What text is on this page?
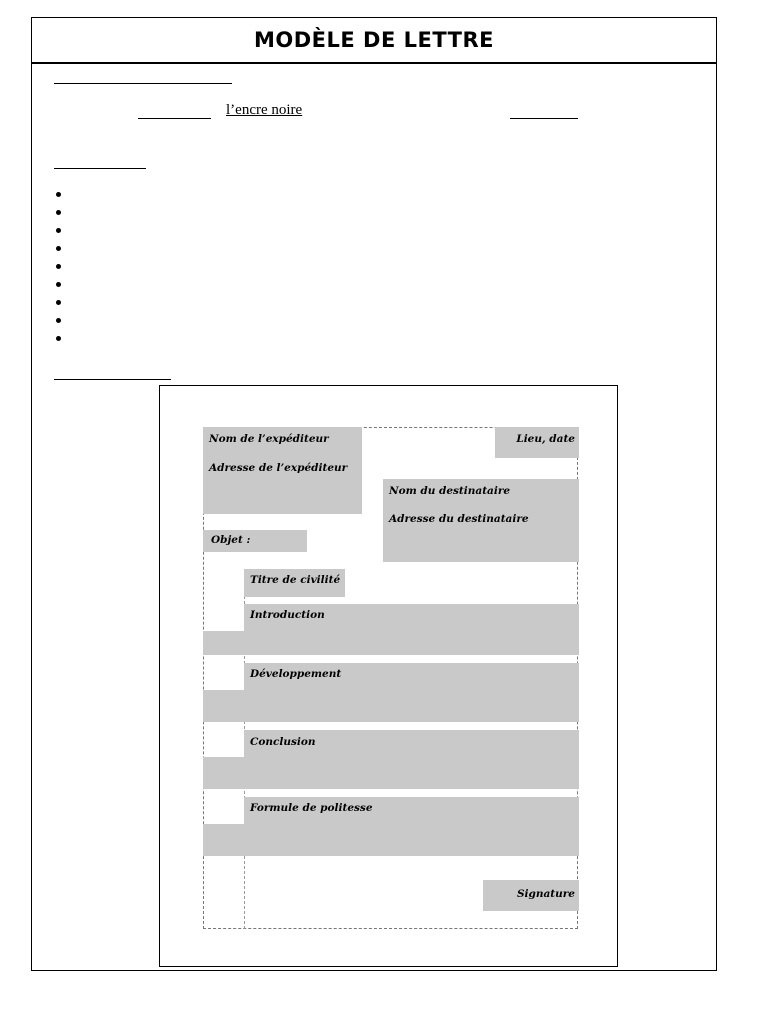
MODÈLE DE LETTRE
l’encre noire
Nom de l’expéditeur
Adresse de l’expéditeur
Lieu, date
Nom du destinataire
Adresse du destinataire
Objet :
Titre de civilité
Introduction
Développement
Conclusion
Formule de politesse
Signature
